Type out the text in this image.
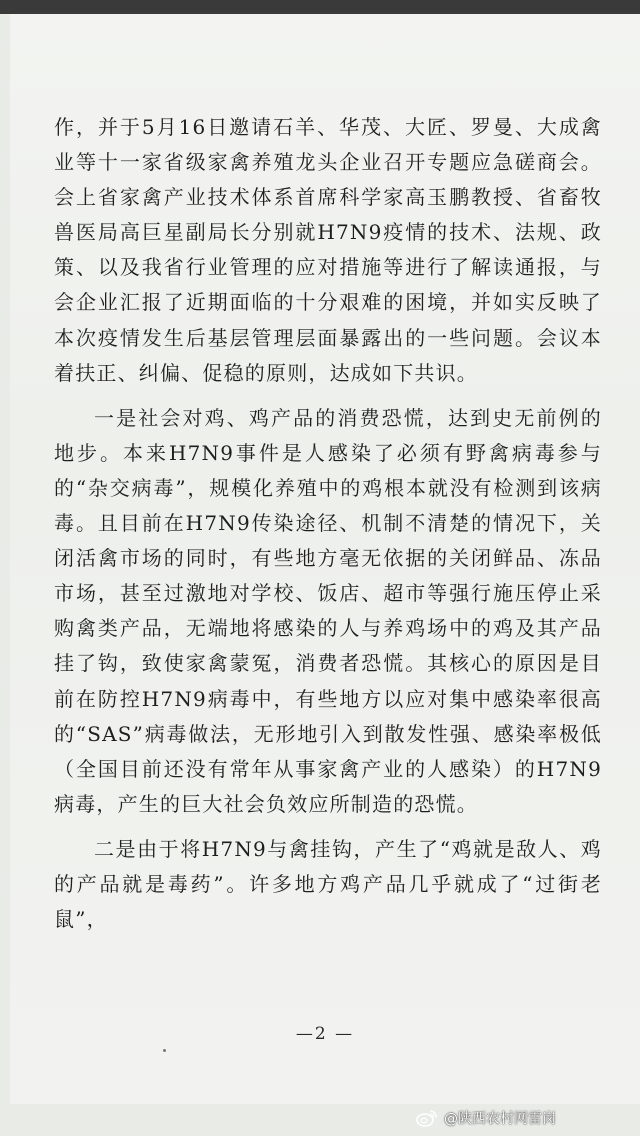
作，并于5月16日邀请石羊、华茂、大匠、罗曼、大成禽业等十一家省级家禽养殖龙头企业召开专题应急磋商会。会上省家禽产业技术体系首席科学家高玉鹏教授、省畜牧兽医局高巨星副局长分别就H7N9疫情的技术、法规、政策、以及我省行业管理的应对措施等进行了解读通报，与会企业汇报了近期面临的十分艰难的困境，并如实反映了本次疫情发生后基层管理层面暴露出的一些问题。会议本着扶正、纠偏、促稳的原则，达成如下共识。

一是社会对鸡、鸡产品的消费恐慌，达到史无前例的地步。本来H7N9事件是人感染了必须有野禽病毒参与的“杂交病毒”，规模化养殖中的鸡根本就没有检测到该病毒。且目前在H7N9传染途径、机制不清楚的情况下，关闭活禽市场的同时，有些地方毫无依据的关闭鲜品、冻品市场，甚至过激地对学校、饭店、超市等强行施压停止采购禽类产品，无端地将感染的人与养鸡场中的鸡及其产品挂了钩，致使家禽蒙冤，消费者恐慌。其核心的原因是目前在防控H7N9病毒中，有些地方以应对集中感染率很高的“SAS”病毒做法，无形地引入到散发性强、感染率极低（全国目前还没有常年从事家禽产业的人感染）的H7N9病毒，产生的巨大社会负效应所制造的恐慌。

二是由于将H7N9与禽挂钩，产生了“鸡就是敌人、鸡的产品就是毒药”。许多地方鸡产品几乎就成了“过街老鼠”，

—2 —
@陕西农村网雷岗
